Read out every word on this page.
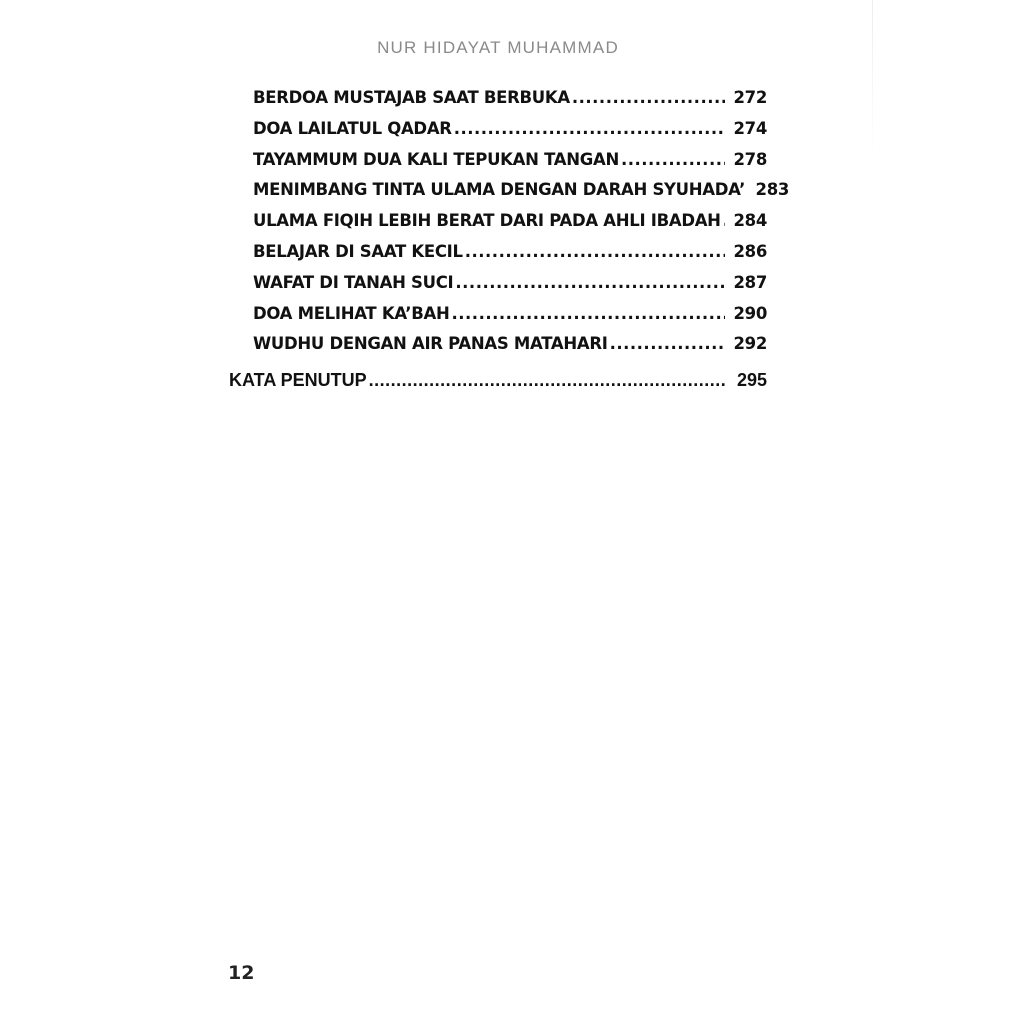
NUR HIDAYAT MUHAMMAD
BERDOA MUSTAJAB SAAT BERBUKA .....	272
DOA LAILATUL QADAR .....	274
TAYAMMUM DUA KALI TEPUKAN TANGAN .....	278
MENIMBANG TINTA ULAMA DENGAN DARAH SYUHADA’ 283
ULAMA FIQIH LEBIH BERAT DARI PADA AHLI IBADAH ..... 284
BELAJAR DI SAAT KECIL .....	286
WAFAT DI TANAH SUCI .....	287
DOA MELIHAT KA’BAH .....	290
WUDHU DENGAN AIR PANAS MATAHARI .....	292
KATA PENUTUP .....	295
12
